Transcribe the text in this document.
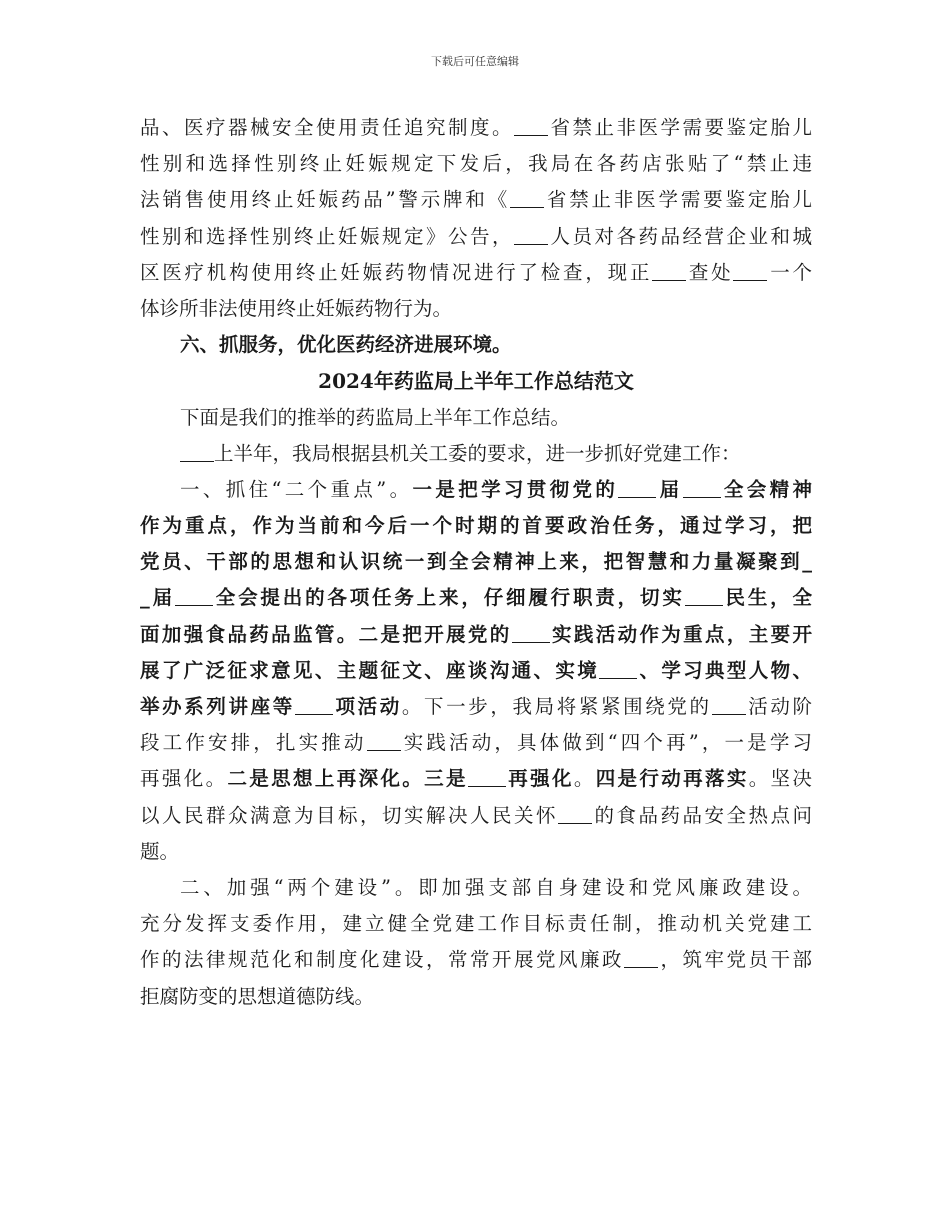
下载后可任意编辑
品、医疗器械安全使用责任追究制度。 省禁止非医学需要鉴定胎儿
性别和选择性别终止妊娠规定下发后，我局在各药店张贴了“禁止违
法销售使用终止妊娠药品”警示牌和《 省禁止非医学需要鉴定胎儿
性别和选择性别终止妊娠规定》公告， 人员对各药品经营企业和城
区医疗机构使用终止妊娠药物情况进行了检查，现正 查处 一个
体诊所非法使用终止妊娠药物行为。
六、抓服务，优化医药经济进展环境。
2024年药监局上半年工作总结范文
下面是我们的推举的药监局上半年工作总结。
上半年，我局根据县机关工委的要求，进一步抓好党建工作：
一、抓住“二个重点”。一是把学习贯彻党的 届 全会精神
作为重点，作为当前和今后一个时期的首要政治任务，通过学习，把
党员、干部的思想和认识统一到全会精神上来，把智慧和力量凝聚到_
_届 全会提出的各项任务上来，仔细履行职责，切实 民生，全
面加强食品药品监管。二是把开展党的 实践活动作为重点，主要开
展了广泛征求意见、主题征文、座谈沟通、实境 、学习典型人物、
举办系列讲座等 项活动。下一步，我局将紧紧围绕党的 活动阶
段工作安排，扎实推动 实践活动，具体做到“四个再”，一是学习
再强化。二是思想上再深化。三是 再强化。四是行动再落实。坚决
以人民群众满意为目标，切实解决人民关怀 的食品药品安全热点问
题。
二、加强“两个建设”。即加强支部自身建设和党风廉政建设。
充分发挥支委作用，建立健全党建工作目标责任制，推动机关党建工
作的法律规范化和制度化建设，常常开展党风廉政 ，筑牢党员干部
拒腐防变的思想道德防线。
